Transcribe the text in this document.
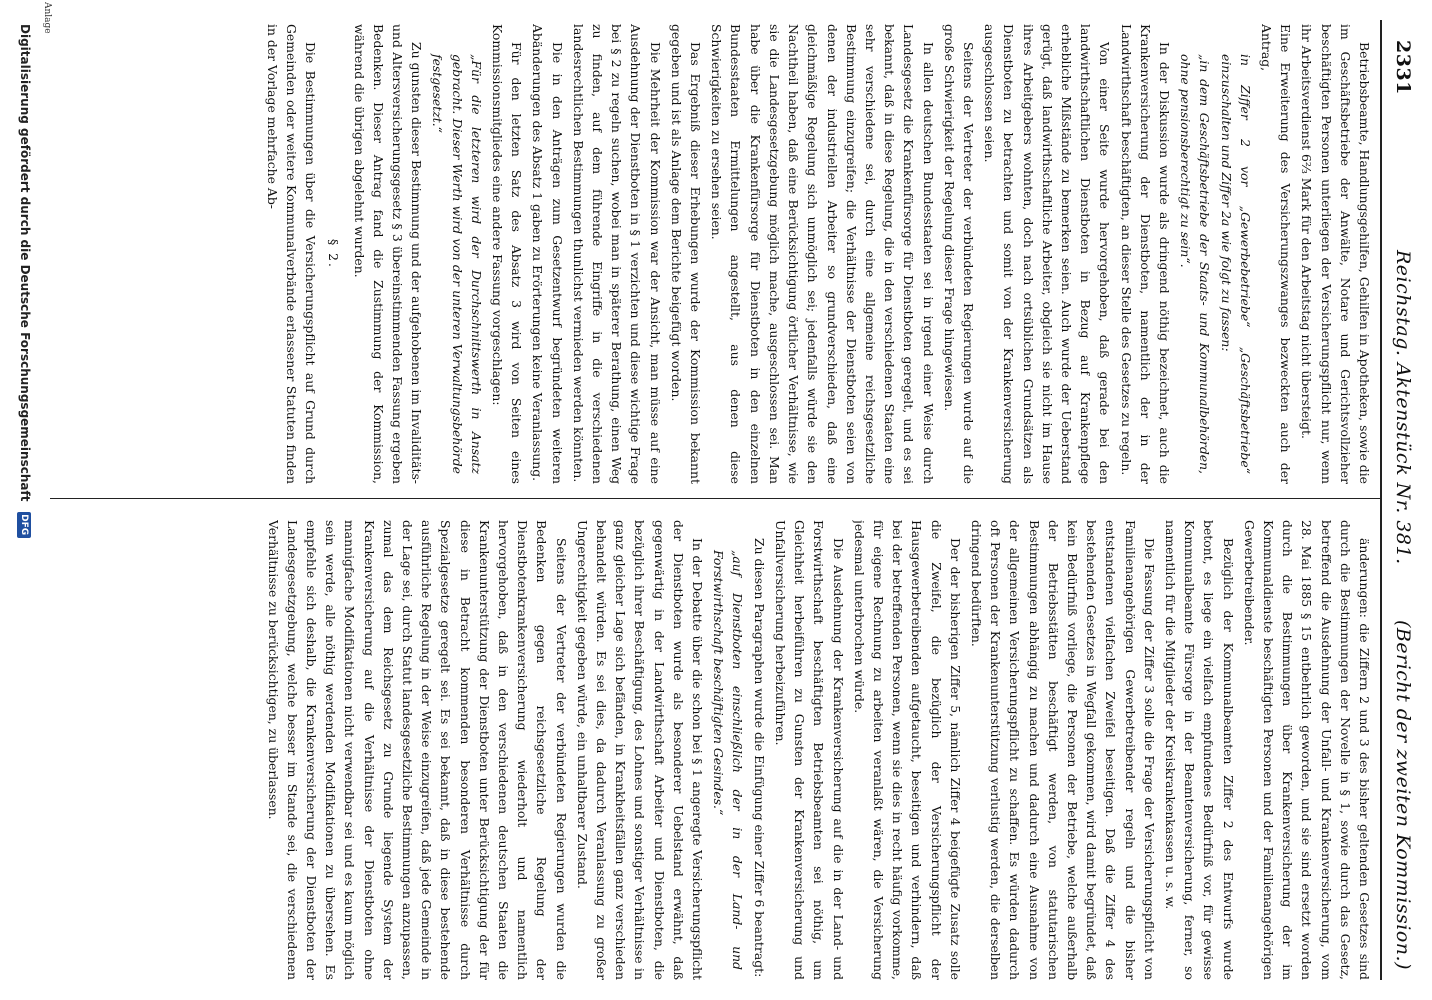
2331
Reichstag. Aktenstück Nr. 381.
(Bericht der zweiten Kommission.)

Betriebsbeamte, Handlungsgehilfen, Gehilfen in Apotheken, sowie die im Geschäftsbetriebe der Anwälte, Notare und Gerichtsvollzieher beschäftigten Personen unterliegen der Versicherungspflicht nur, wenn ihr Arbeitsverdienst 6⅔ Mark für den Arbeitstag nicht übersteigt.

Eine Erweiterung des Versicherungszwanges bezweckten auch der Antrag,

in Ziffer 2 vor „Gewerbebetriebe“ „Geschäftsbetriebe“ einzuschalten und Ziffer 2a wie folgt zu fassen:

„in dem Geschäftsbetriebe der Staats- und Kommunalbehörden, ohne pensionsberechtigt zu sein“.

In der Diskussion wurde als dringend nöthig bezeichnet, auch die Krankenversicherung der Dienstboten, namentlich der in der Landwirthschaft beschäftigten, an dieser Stelle des Gesetzes zu regeln.

Von einer Seite wurde hervorgehoben, daß gerade bei den landwirthschaftlichen Dienstboten in Bezug auf Krankenpflege erhebliche Mißstände zu bemerken seien. Auch wurde der Ueberstand gerügt, daß landwirthschaftliche Arbeiter, obgleich sie nicht im Hause ihres Arbeitgebers wohnten, doch nach ortsüblichen Grundsätzen als Dienstboten zu betrachten und somit von der Krankenversicherung ausgeschlossen seien.

Seitens der Vertreter der verbündeten Regierungen wurde auf die große Schwierigkeit der Regelung dieser Frage hingewiesen.

In allen deutschen Bundesstaaten sei in irgend einer Weise durch Landesgesetz die Krankenfürsorge für Dienstboten geregelt, und es sei bekannt, daß in diese Regelung, die in den verschiedenen Staaten eine sehr verschiedene sei, durch eine allgemeine reichsgesetzliche Bestimmung einzugreifen; die Verhältnisse der Dienstboten seien von denen der industriellen Arbeiter so grundverschieden, daß eine gleichmäßige Regelung sich unmöglich sei; jedenfalls würde sie den Nachtheil haben, daß eine Berücksichtigung örtlicher Verhältnisse, wie sie die Landesgesetzgebung möglich mache, ausgeschlossen sei. Man habe über die Krankenfürsorge für Dienstboten in den einzelnen Bundesstaaten Ermittelungen angestellt, aus denen diese Schwierigkeiten zu ersehen seien.

Das Ergebniß dieser Erhebungen wurde der Kommission bekannt gegeben und ist als Anlage dem Berichte beigefügt worden.

Die Mehrheit der Kommission war der Ansicht, man müsse auf eine Ausdehnung der Dienstboten in § 1 verzichten und diese wichtige Frage bei § 2 zu regeln suchen, wobei man in späterer Berathung, einen Weg zu finden, auf dem führende Eingriffe in die verschiedenen landesrechtlichen Bestimmungen thunlichst vermieden werden könnten.

Die in den Anträgen zum Gesetzentwurf begründeten weiteren Abänderungen des Absatz 1 gaben zu Erörterungen keine Veranlassung.

Für den letzten Satz des Absatz 3 wird von Seiten eines Kommissionsmitgliedes eine andere Fassung vorgeschlagen:

„Für die letzteren wird der Durchschnittswerth in Ansatz gebracht. Dieser Werth wird von der unteren Verwaltungsbehörde festgesetzt.“

Zu gunsten dieser Bestimmung und der aufgehobenen im Invaliditäts- und Altersversicherungsgesetz § 3 übereinstimmenden Fassung ergeben Bedenken. Dieser Antrag fand die Zustimmung der Kommission, während die übrigen abgelehnt wurden.

§ 2.

Die Bestimmungen über die Versicherungspflicht auf Grund durch Gemeinden oder weitere Kommunalverbände erlassener Statuten finden in der Vorlage mehrfache Ab-

änderungen: die Ziffern 2 und 3 des bisher geltenden Gesetzes sind durch die Bestimmungen der Novelle in § 1, sowie durch das Gesetz, betreffend die Ausdehnung der Unfall- und Krankenversicherung, vom 28. Mai 1885 § 15 entbehrlich geworden, und sie sind ersetzt worden durch die Bestimmungen über Krankenversicherung der im Kommunaldienste beschäftigten Personen und der Familienangehörigen Gewerbetreibender.

Bezüglich der Kommunalbeamten Ziffer 2 des Entwurfs wurde betont, es liege ein vielfach empfundenes Bedürfniß vor, für gewisse Kommunalbeamte Fürsorge in der Beamtenversicherung, ferner, so namentlich für die Mitglieder der Kreiskrankenkassen u. s. w.

Die Fassung der Ziffer 3 solle die Frage der Versicherungspflicht von Familienangehörigen Gewerbetreibender regeln und die bisher entstandenen vielfachen Zweifel beseitigen. Daß die Ziffer 4 des bestehenden Gesetzes in Wegfall gekommen, wird damit begründet, daß kein Bedürfniß vorliege, die Personen der Betriebe, welche außerhalb der Betriebsstätten beschäftigt werden, von statutarischen Bestimmungen abhängig zu machen und dadurch eine Ausnahme von der allgemeinen Versicherungspflicht zu schaffen. Es würden dadurch oft Personen der Krankenunterstützung verlustig werden, die derselben dringend bedürften.

Der der bisherigen Ziffer 5, nämlich Ziffer 4 beigefügte Zusatz solle die Zweifel, die bezüglich der Versicherungspflicht der Hausgewerbetreibenden aufgetaucht, beseitigen und verhindern, daß bei der betreffenden Personen, wenn sie dies in recht häufig vorkomme, für eigene Rechnung zu arbeiten veranlaßt wären, die Versicherung jedesmal unterbrochen würde.

Die Ausdehnung der Krankenversicherung auf die in der Land- und Forstwirthschaft beschäftigten Betriebsbeamten sei nöthig, um Gleichheit herbeiführen zu Gunsten der Krankenversicherung und Unfallversicherung herbeizuführen.

Zu diesen Paragraphen wurde die Einfügung einer Ziffer 6 beantragt:

„auf Dienstboten einschließlich der in der Land- und Forstwirthschaft beschäftigten Gesindes.“

In der Debatte über die schon bei § 1 angeregte Versicherungspflicht der Dienstboten wurde als besonderer Uebelstand erwähnt, daß gegenwärtig in der Landwirthschaft Arbeiter und Dienstboten, die bezüglich ihrer Beschäftigung, des Lohnes und sonstiger Verhältnisse in ganz gleicher Lage sich befänden, in Krankheitsfällen ganz verschieden behandelt würden. Es sei dies, da dadurch Veranlassung zu großer Ungerechtigkeit gegeben würde, ein unhaltbarer Zustand.

Seitens der Vertreter der verbündeten Regierungen wurden die Bedenken gegen reichsgesetzliche Regelung der Dienstbotenkrankenversicherung wiederholt und namentlich hervorgehoben, daß in den verschiedenen deutschen Staaten die Krankenunterstützung der Dienstboten unter Berücksichtigung der für diese in Betracht kommenden besonderen Verhältnisse durch Spezialgesetze geregelt sei. Es sei bekannt, daß in diese bestehende ausführliche Regelung in der Weise einzugreifen, daß jede Gemeinde in der Lage sei, durch Statut landesgesetzliche Bestimmungen anzupassen, zumal das dem Reichsgesetz zu Grunde liegende System der Krankenversicherung auf die Verhältnisse der Dienstboten ohne mannigfache Modifikationen nicht verwendbar sei und es kaum möglich sein werde, alle nöthig werdenden Modifikationen zu übersehen. Es empfehle sich deshalb, die Krankenversicherung der Dienstboten der Landesgesetzgebung, welche besser im Stande sei, die verschiedenen Verhältnisse zu berücksichtigen, zu überlassen.

Anlage
Digitalisierung gefördert durch die Deutsche Forschungsgemeinschaft DFG
